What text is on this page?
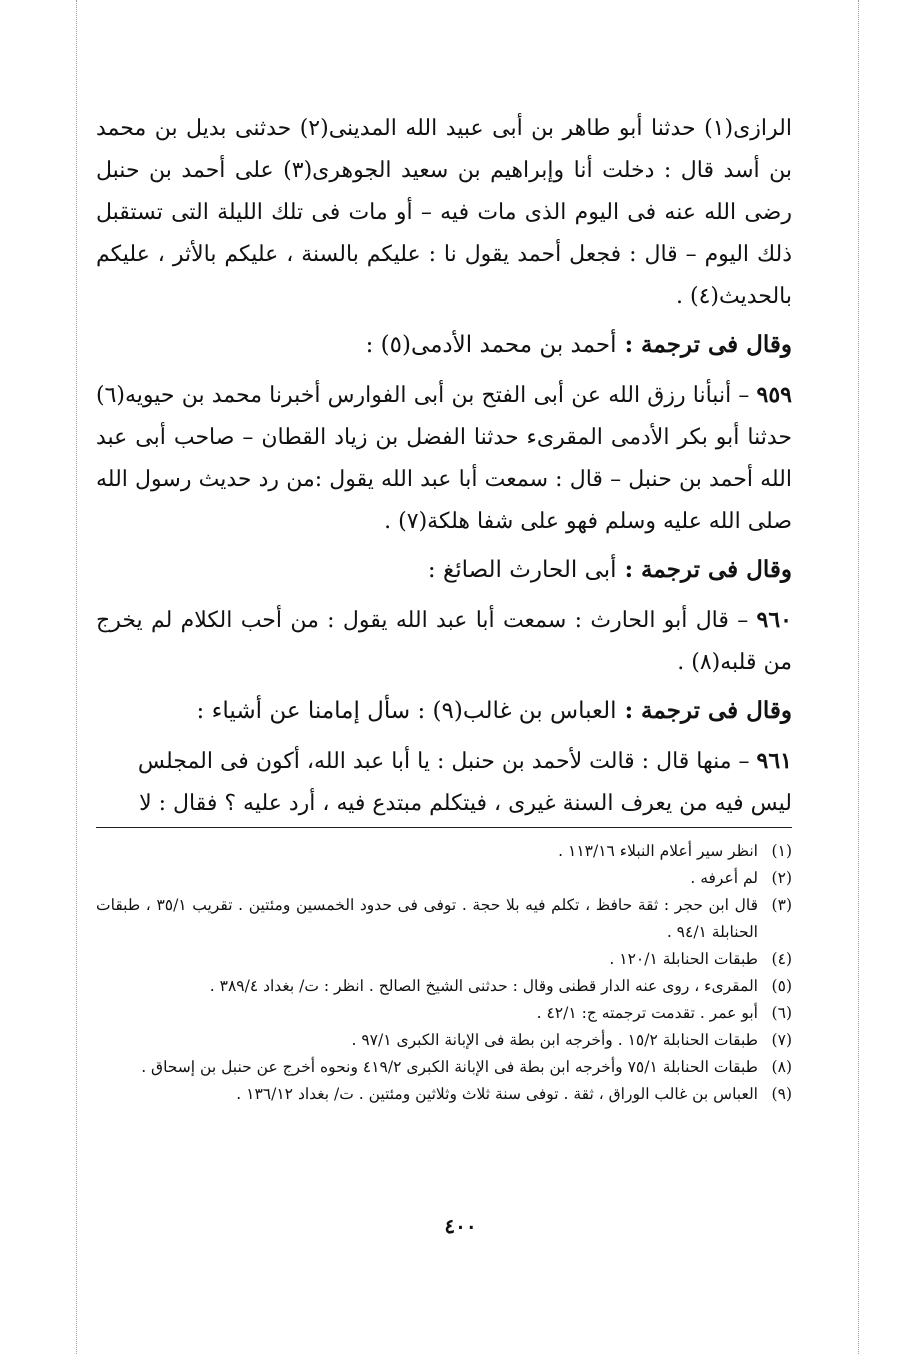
الرازى(١) حدثنا أبو طاهر بن أبى عبيد الله المدينى(٢) حدثنى بديل بن محمد بن أسد قال : دخلت أنا وإبراهيم بن سعيد الجوهرى(٣) على أحمد بن حنبل رضى الله عنه فى اليوم الذى مات فيه – أو مات فى تلك الليلة التى تستقبل ذلك اليوم – قال : فجعل أحمد يقول نا : عليكم بالسنة ، عليكم بالأثر ، عليكم بالحديث(٤) .

وقال فى ترجمة : أحمد بن محمد الأدمى(٥) :

٩٥٩ – أنبأنا رزق الله عن أبى الفتح بن أبى الفوارس أخبرنا محمد بن حيويه(٦) حدثنا أبو بكر الأدمى المقرىء حدثنا الفضل بن زياد القطان – صاحب أبى عبد الله أحمد بن حنبل – قال : سمعت أبا عبد الله يقول :من رد حديث رسول الله صلى الله عليه وسلم فهو على شفا هلكة(٧) .

وقال فى ترجمة : أبى الحارث الصائغ :

٩٦٠ – قال أبو الحارث : سمعت أبا عبد الله يقول : من أحب الكلام لم يخرج من قلبه(٨) .

وقال فى ترجمة : العباس بن غالب(٩) : سأل إمامنا عن أشياء :

٩٦١ – منها قال : قالت لأحمد بن حنبل : يا أبا عبد الله، أكون فى المجلس
ليس فيه من يعرف السنة غيرى ، فيتكلم مبتدع فيه ، أرد عليه ؟ فقال : لا

(١)
انظر سير أعلام النبلاء ١١٣/١٦ .
(٢)
لم أعرفه .
(٣)
قال ابن حجر : ثقة حافظ ، تكلم فيه بلا حجة . توفى فى حدود الخمسين ومئتين . تقريب ٣٥/١ ، طبقات الحنابلة ٩٤/١ .
(٤)
طبقات الحنابلة ١٢٠/١ .
(٥)
المقرىء ، روى عنه الدار قطنى وقال : حدثنى الشيخ الصالح . انظر : ت/ بغداد ٣٨٩/٤ .
(٦)
أبو عمر . تقدمت ترجمته ج: ٤٢/١ .
(٧)
طبقات الحنابلة ١٥/٢ . وأخرجه ابن بطة فى الإبانة الكبرى ٩٧/١ .
(٨)
طبقات الحنابلة ٧٥/١ وأخرجه ابن بطة فى الإبانة الكبرى ٤١٩/٢ ونحوه أخرج عن حنبل بن إسحاق .
(٩)
العباس بن غالب الوراق ، ثقة . توفى سنة ثلاث وثلاثين ومئتين . ت/ بغداد ١٣٦/١٢ .
٤٠٠
